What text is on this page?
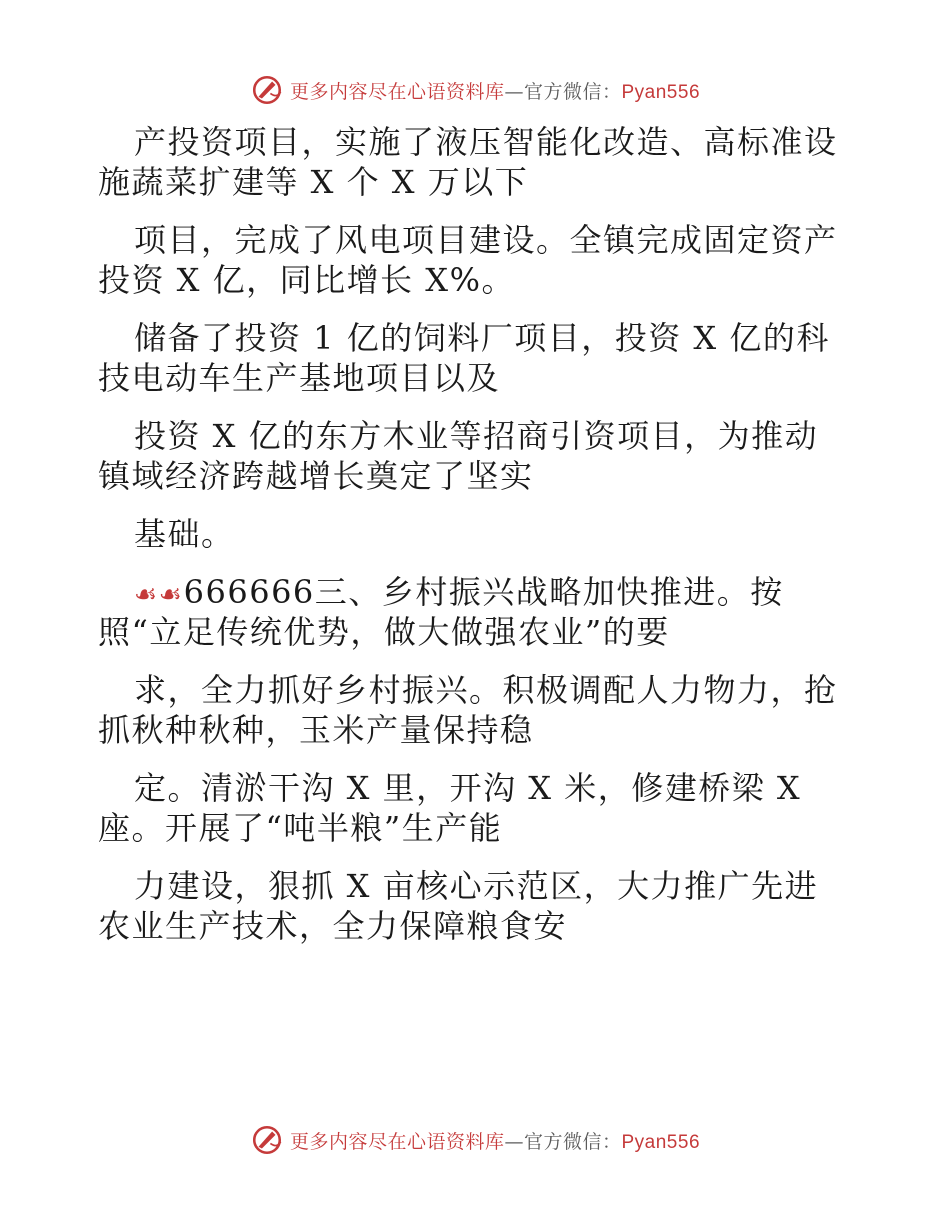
更多内容尽在心语资料库—官方微信：Pyan556
产投资项目，实施了液压智能化改造、高标准设
施蔬菜扩建等 X 个 X 万以下
项目，完成了风电项目建设。全镇完成固定资产
投资 X 亿，同比增长 X%。
储备了投资 1 亿的饲料厂项目，投资 X 亿的科
技电动车生产基地项目以及
投资 X 亿的东方木业等招商引资项目，为推动
镇域经济跨越增长奠定了坚实
基础。
☙☙666666三、乡村振兴战略加快推进。按
照“立足传统优势，做大做强农业”的要
求，全力抓好乡村振兴。积极调配人力物力，抢
抓秋种秋种，玉米产量保持稳
定。清淤干沟 X 里，开沟 X 米，修建桥梁 X
座。开展了“吨半粮”生产能
力建设，狠抓 X 亩核心示范区，大力推广先进
农业生产技术，全力保障粮食安
更多内容尽在心语资料库—官方微信：Pyan556
